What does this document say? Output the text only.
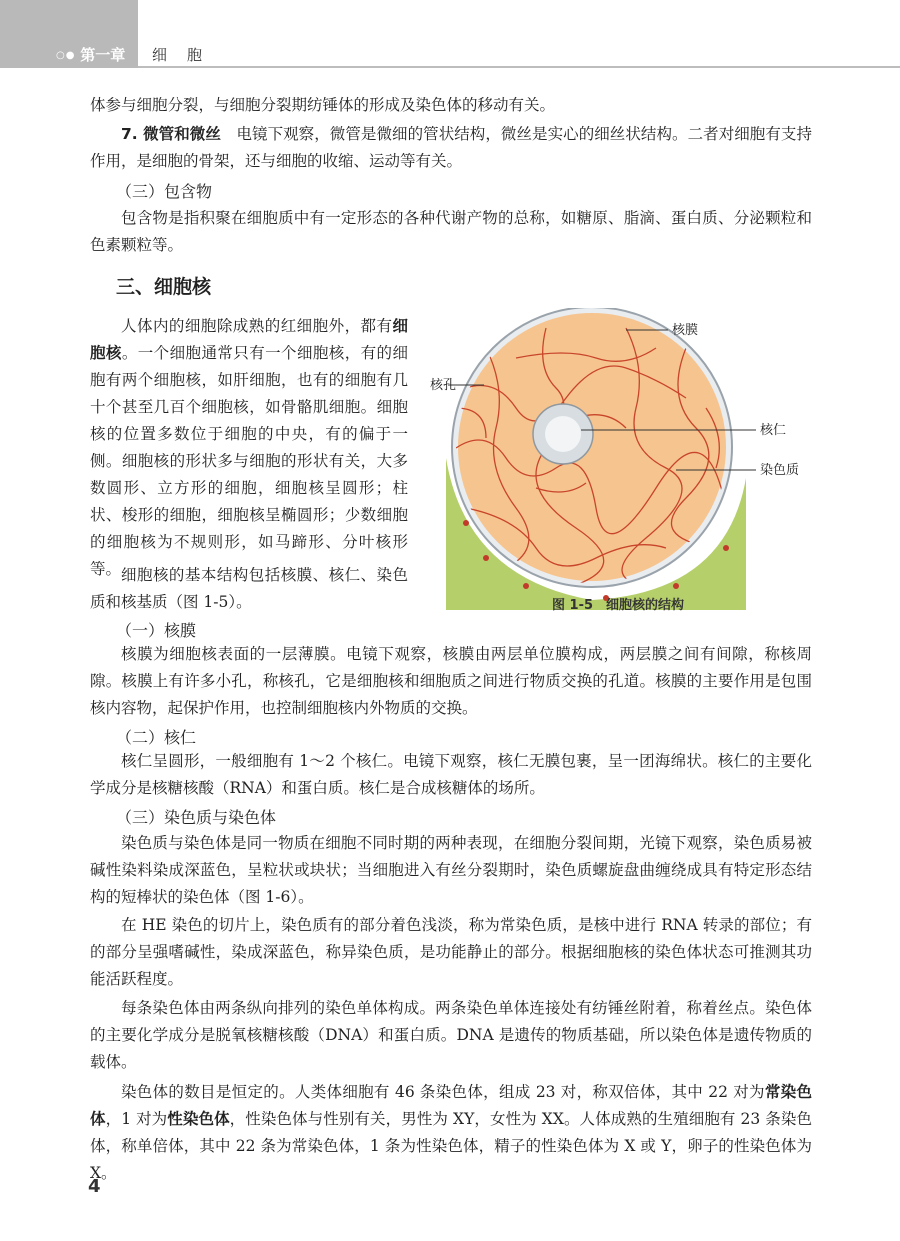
○● 第一章 细胞

体参与细胞分裂，与细胞分裂期纺锤体的形成及染色体的移动有关。

7. 微管和微丝　电镜下观察，微管是微细的管状结构，微丝是实心的细丝状结构。二者对细胞有支持作用，是细胞的骨架，还与细胞的收缩、运动等有关。

（三）包含物

包含物是指积聚在细胞质中有一定形态的各种代谢产物的总称，如糖原、脂滴、蛋白质、分泌颗粒和色素颗粒等。

三、细胞核

人体内的细胞除成熟的红细胞外，都有细胞核。一个细胞通常只有一个细胞核，有的细胞有两个细胞核，如肝细胞，也有的细胞有几十个甚至几百个细胞核，如骨骼肌细胞。细胞核的位置多数位于细胞的中央，有的偏于一侧。细胞核的形状多与细胞的形状有关，大多数圆形、立方形的细胞，细胞核呈圆形；柱状、梭形的细胞，细胞核呈椭圆形；少数细胞的细胞核为不规则形，如马蹄形、分叶核形等。 细胞核的基本结构包括核膜、核仁、染色质和核基质（图 1-5）。

核膜
核孔
核仁
染色质
图 1-5　细胞核的结构
（一）核膜

核膜为细胞核表面的一层薄膜。电镜下观察，核膜由两层单位膜构成，两层膜之间有间隙，称核周隙。核膜上有许多小孔，称核孔，它是细胞核和细胞质之间进行物质交换的孔道。核膜的主要作用是包围核内容物，起保护作用，也控制细胞核内外物质的交换。

（二）核仁

核仁呈圆形，一般细胞有 1～2 个核仁。电镜下观察，核仁无膜包裹，呈一团海绵状。核仁的主要化学成分是核糖核酸（RNA）和蛋白质。核仁是合成核糖体的场所。

（三）染色质与染色体

染色质与染色体是同一物质在细胞不同时期的两种表现，在细胞分裂间期，光镜下观察，染色质易被碱性染料染成深蓝色，呈粒状或块状；当细胞进入有丝分裂期时，染色质螺旋盘曲缠绕成具有特定形态结构的短棒状的染色体（图 1-6）。

在 HE 染色的切片上，染色质有的部分着色浅淡，称为常染色质，是核中进行 RNA 转录的部位；有的部分呈强嗜碱性，染成深蓝色，称异染色质，是功能静止的部分。根据细胞核的染色体状态可推测其功能活跃程度。

每条染色体由两条纵向排列的染色单体构成。两条染色单体连接处有纺锤丝附着，称着丝点。染色体的主要化学成分是脱氧核糖核酸（DNA）和蛋白质。DNA 是遗传的物质基础，所以染色体是遗传物质的载体。

染色体的数目是恒定的。人类体细胞有 46 条染色体，组成 23 对，称双倍体，其中 22 对为常染色体，1 对为性染色体，性染色体与性别有关，男性为 XY，女性为 XX。人体成熟的生殖细胞有 23 条染色体，称单倍体，其中 22 条为常染色体，1 条为性染色体，精子的性染色体为 X 或 Y，卵子的性染色体为 X。

4
